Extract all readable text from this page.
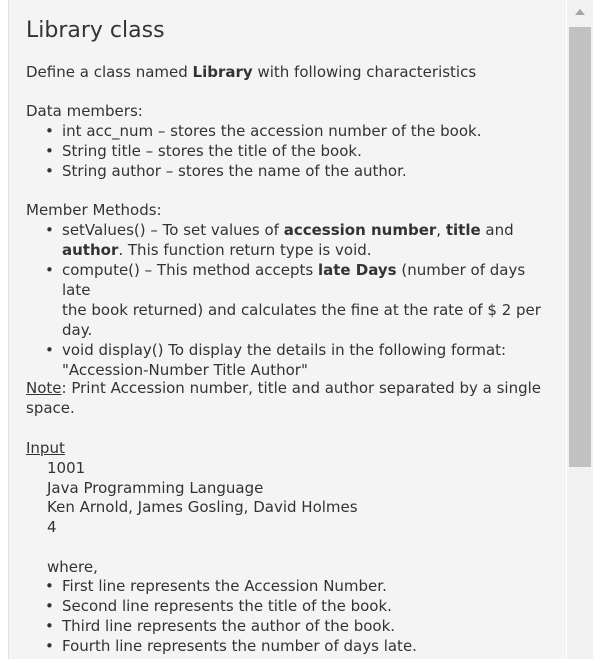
Library class
Define a class named Library with following characteristics
Data members:
• int acc_num – stores the accession number of the book.
• String title – stores the title of the book.
• String author – stores the name of the author.
Member Methods:
• setValues() – To set values of accession number, title and
author. This function return type is void.
• compute() – This method accepts late Days (number of days late
the book returned) and calculates the fine at the rate of $ 2 per
day.
• void display() To display the details in the following format:
"Accession-Number Title Author"
Note: Print Accession number, title and author separated by a single
space.
Input
1001
Java Programming Language
Ken Arnold, James Gosling, David Holmes
4
where,
• First line represents the Accession Number.
• Second line represents the title of the book.
• Third line represents the author of the book.
• Fourth line represents the number of days late.
